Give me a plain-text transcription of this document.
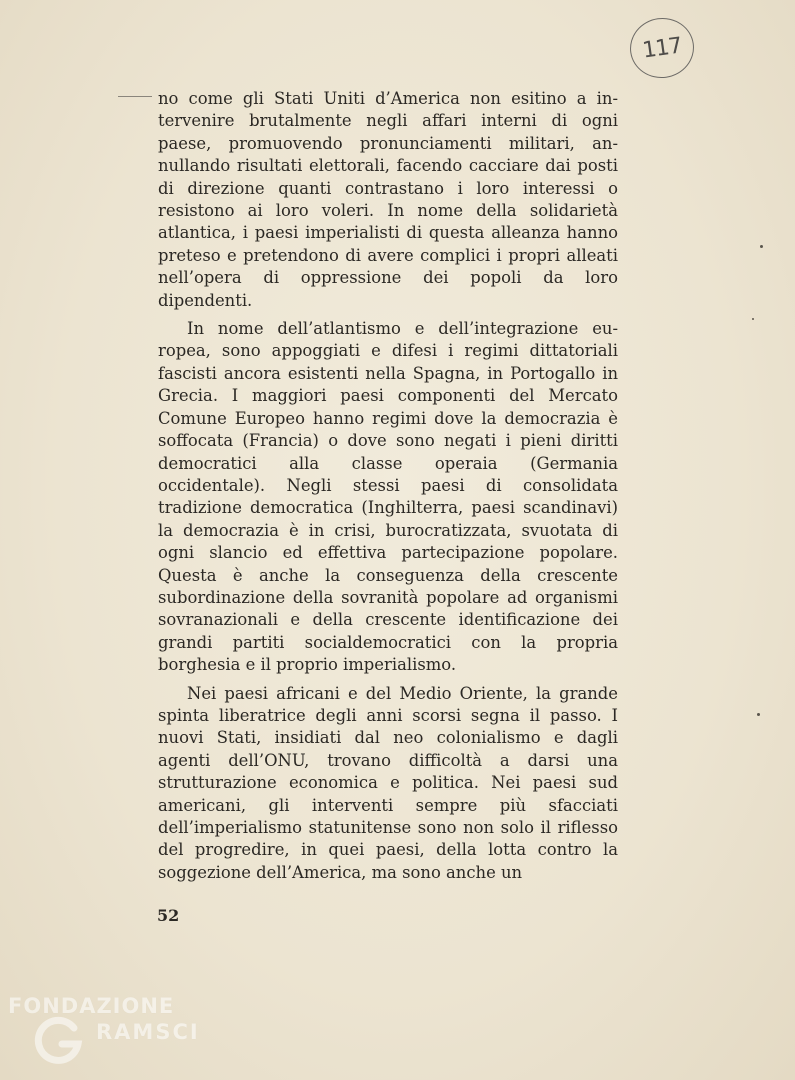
117

no come gli Stati Uniti d’America non esitino a intervenire brutalmente negli affari interni di ogni paese, promuovendo pronunciamenti militari, annullando risultati elettorali, facendo cacciare dai posti di direzione quanti contrastano i loro interessi o resistono ai loro voleri. In nome della solidarietà atlantica, i paesi imperialisti di questa alleanza hanno preteso e pretendono di avere complici i propri alleati nell’opera di oppressione dei popoli da loro dipendenti.

In nome dell’atlantismo e dell’integrazione europea, sono appoggiati e difesi i regimi dittatoriali fascisti ancora esistenti nella Spagna, in Portogallo in Grecia. I maggiori paesi componenti del Mercato Comune Europeo hanno regimi dove la democrazia è soffocata (Francia) o dove sono negati i pieni diritti democratici alla classe operaia (Germania occidentale). Negli stessi paesi di consolidata tradizione democratica (Inghilterra, paesi scandinavi) la democrazia è in crisi, burocratizzata, svuotata di ogni slancio ed effettiva partecipazione popolare. Questa è anche la conseguenza della crescente subordinazione della sovranità popolare ad organismi sovranazionali e della crescente identificazione dei grandi partiti socialdemocratici con la propria borghesia e il proprio imperialismo.

Nei paesi africani e del Medio Oriente, la grande spinta liberatrice degli anni scorsi segna il passo. I nuovi Stati, insidiati dal neo colonialismo e dagli agenti dell’ONU, trovano difficoltà a darsi una strutturazione economica e politica. Nei paesi sud americani, gli interventi sempre più sfacciati dell’imperialismo statunitense sono non solo il riflesso del progredire, in quei paesi, della lotta contro la soggezione dell’America, ma sono anche un

52
FONDAZIONE
RAMSCI
